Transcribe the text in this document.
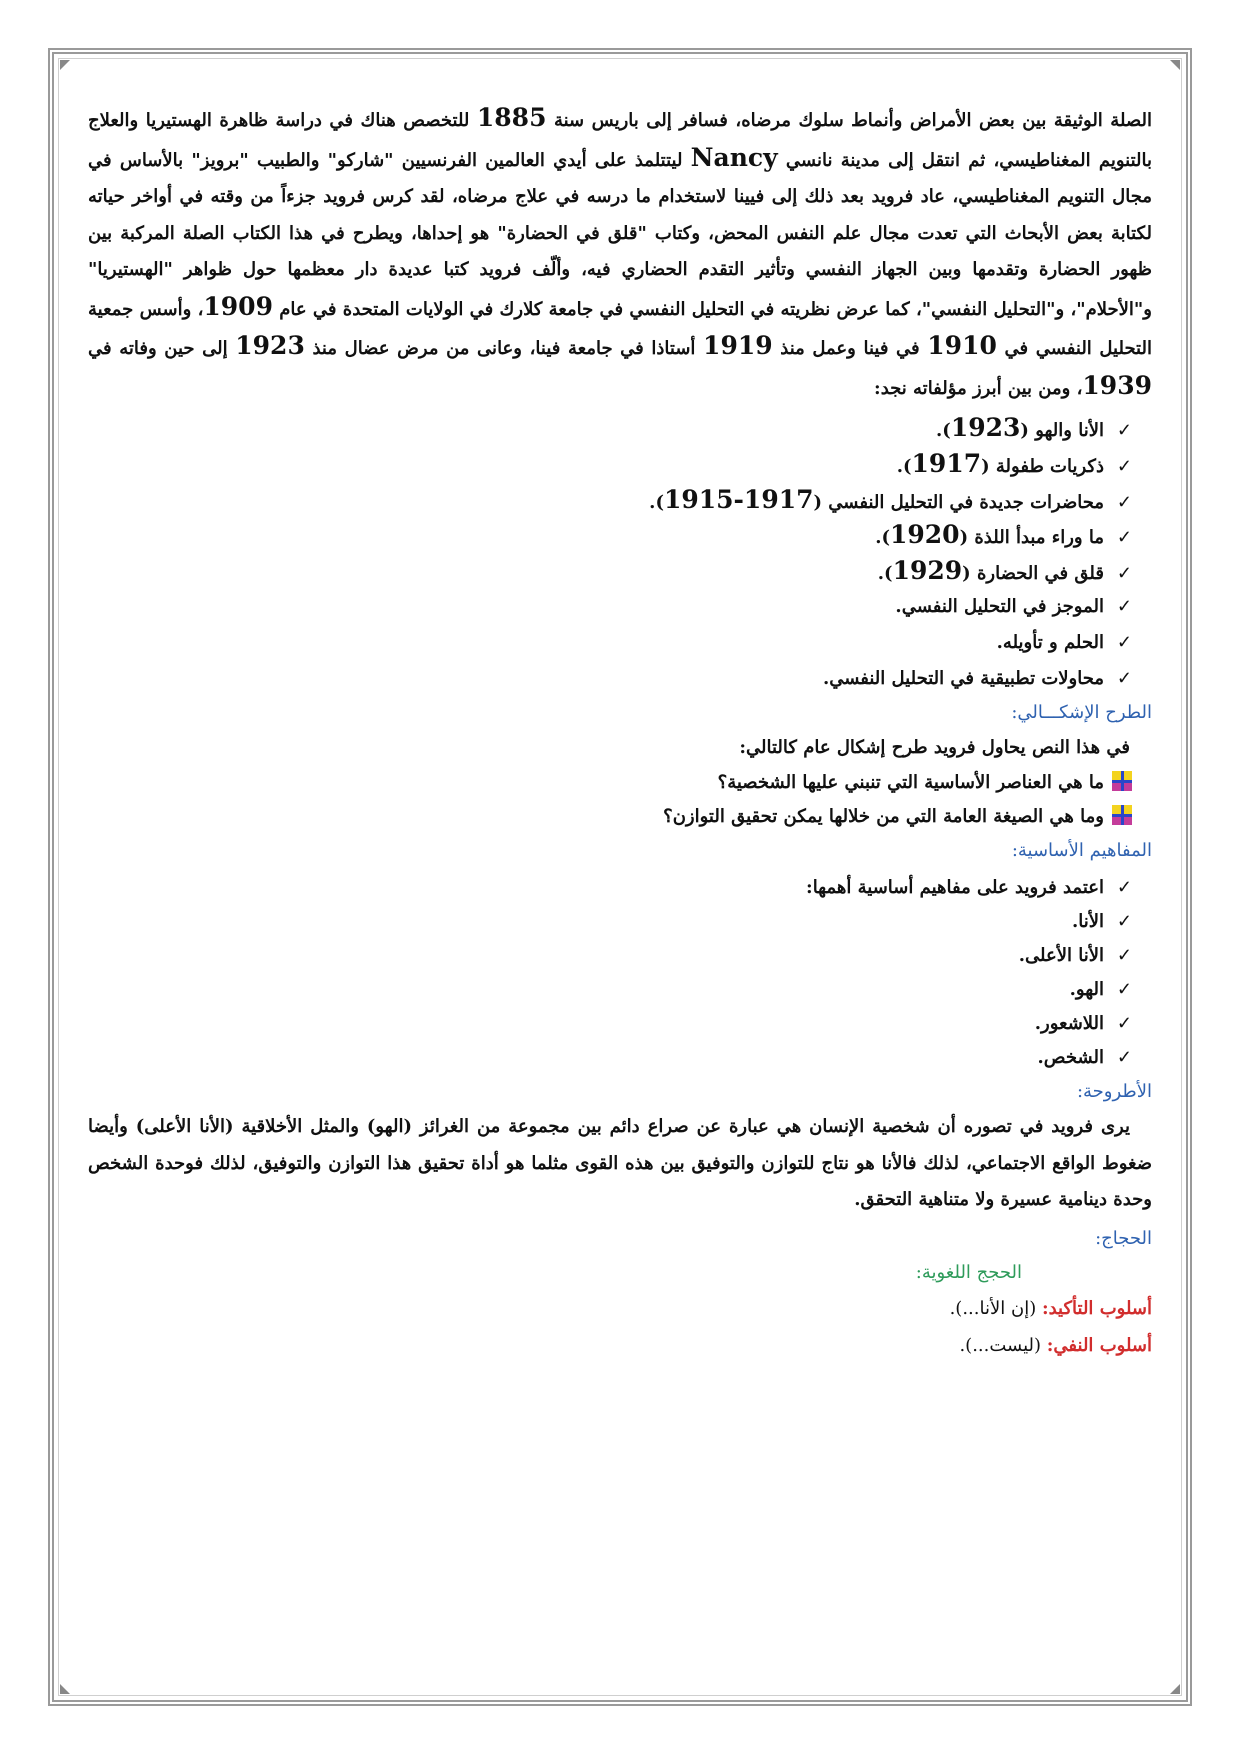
الصلة الوثيقة بين بعض الأمراض وأنماط سلوك مرضاه، فسافر إلى باريس سنة 1885 للتخصص هناك في دراسة ظاهرة الهستيريا والعلاج بالتنويم المغناطيسي، ثم انتقل إلى مدينة نانسي Nancy ليتتلمذ على أيدي العالمين الفرنسيين "شاركو" والطبيب "برويز" بالأساس في مجال التنويم المغناطيسي، عاد فرويد بعد ذلك إلى فيينا لاستخدام ما درسه في علاج مرضاه، لقد كرس فرويد جزءاً من وقته في أواخر حياته لكتابة بعض الأبحاث التي تعدت مجال علم النفس المحض، وكتاب "قلق في الحضارة" هو إحداها، ويطرح في هذا الكتاب الصلة المركبة بين ظهور الحضارة وتقدمها وبين الجهاز النفسي وتأثير التقدم الحضاري فيه، وألّف فرويد كتبا عديدة دار معظمها حول ظواهر "الهستيريا" و"الأحلام"، و"التحليل النفسي"، كما عرض نظريته في التحليل النفسي في جامعة كلارك في الولايات المتحدة في عام 1909، وأسس جمعية التحليل النفسي في 1910 في فينا وعمل منذ 1919 أستاذا في جامعة فينا، وعانى من مرض عضال منذ 1923 إلى حين وفاته في 1939، ومن بين أبرز مؤلفاته نجد:

✓الأنا والهو (1923).
✓ذكريات طفولة (1917).
✓محاضرات جديدة في التحليل النفسي (1915-1917).
✓ما وراء مبدأ اللذة (1920).
✓قلق في الحضارة (1929).
✓الموجز في التحليل النفسي.
✓الحلم و تأويله.
✓محاولات تطبيقية في التحليل النفسي.

الطرح الإشكـــالي:

في هذا النص يحاول فرويد طرح إشكال عام كالتالي:

ما هي العناصر الأساسية التي تنبني عليها الشخصية؟
وما هي الصيغة العامة التي من خلالها يمكن تحقيق التوازن؟

المفاهيم الأساسية:

✓اعتمد فرويد على مفاهيم أساسية أهمها:
✓الأنا.
✓الأنا الأعلى.
✓الهو.
✓اللاشعور.
✓الشخص.

الأطروحة:

يرى فرويد في تصوره أن شخصية الإنسان هي عبارة عن صراع دائم بين مجموعة من الغرائز (الهو) والمثل الأخلاقية (الأنا الأعلى) وأيضا ضغوط الواقع الاجتماعي، لذلك فالأنا هو نتاج للتوازن والتوفيق بين هذه القوى مثلما هو أداة تحقيق هذا التوازن والتوفيق، لذلك فوحدة الشخص وحدة دينامية عسيرة ولا متناهية التحقق.

الحجاج:

الحجج اللغوية:

أسلوب التأكيد: (إن الأنا...).

أسلوب النفي: (ليست...).
